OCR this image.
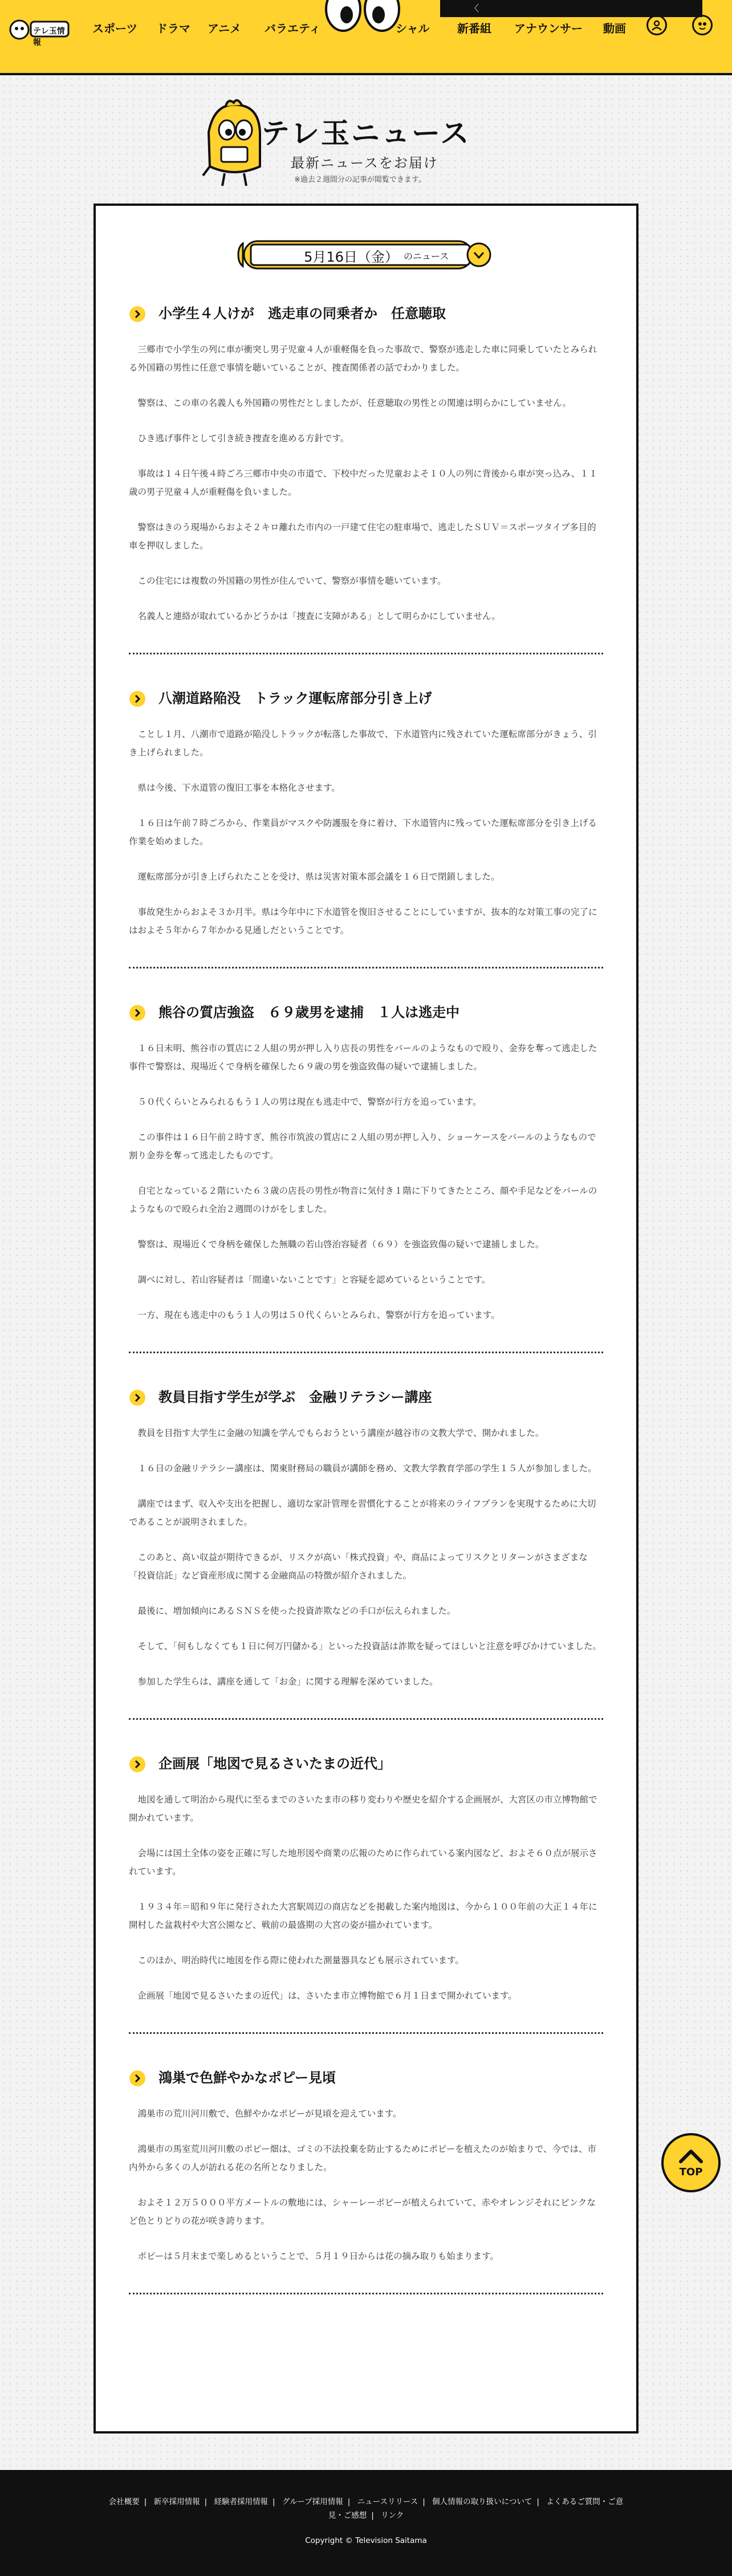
テレ玉情報
スポーツ ドラマ アニメ バラエティ	シャル 新番組 アナウンサー 動画
〈
テレ玉ニュース
最新ニュースをお届け
※過去２週間分の記事が閲覧できます。
5月16日（金） のニュース
小学生４人けが　逃走車の同乗者か　任意聴取

三郷市で小学生の列に車が衝突し男子児童４人が重軽傷を負った事故で、警察が逃走した車に同乗していたとみられる外国籍の男性に任意で事情を聴いていることが、捜査関係者の話でわかりました。

警察は、この車の名義人も外国籍の男性だとしましたが、任意聴取の男性との関連は明らかにしていません。

ひき逃げ事件として引き続き捜査を進める方針です。

事故は１４日午後４時ごろ三郷市中央の市道で、下校中だった児童およそ１０人の列に背後から車が突っ込み、１１歳の男子児童４人が重軽傷を負いました。

警察はきのう現場からおよそ２キロ離れた市内の一戸建て住宅の駐車場で、逃走したＳＵＶ＝スポーツタイプ多目的車を押収しました。

この住宅には複数の外国籍の男性が住んでいて、警察が事情を聴いています。

名義人と連絡が取れているかどうかは「捜査に支障がある」として明らかにしていません。

八潮道路陥没　トラック運転席部分引き上げ

ことし１月、八潮市で道路が陥没しトラックが転落した事故で、下水道管内に残されていた運転席部分がきょう、引き上げられました。

県は今後、下水道管の復旧工事を本格化させます。

１６日は午前７時ごろから、作業員がマスクや防護服を身に着け、下水道管内に残っていた運転席部分を引き上げる作業を始めました。

運転席部分が引き上げられたことを受け、県は災害対策本部会議を１６日で閉鎖しました。

事故発生からおよそ３か月半。県は今年中に下水道管を復旧させることにしていますが、抜本的な対策工事の完了にはおよそ５年から７年かかる見通しだということです。

熊谷の質店強盗　６９歳男を逮捕　１人は逃走中

１６日未明、熊谷市の質店に２人組の男が押し入り店長の男性をバールのようなもので殴り、金券を奪って逃走した事件で警察は、現場近くで身柄を確保した６９歳の男を強盗致傷の疑いで逮捕しました。

５０代くらいとみられるもう１人の男は現在も逃走中で、警察が行方を追っています。

この事件は１６日午前２時すぎ、熊谷市筑波の質店に２人組の男が押し入り、ショーケースをバールのようなもので割り金券を奪って逃走したものです。

自宅となっている２階にいた６３歳の店長の男性が物音に気付き１階に下りてきたところ、顔や手足などをバールのようなもので殴られ全治２週間のけがをしました。

警察は、現場近くで身柄を確保した無職の若山啓治容疑者（６９）を強盗致傷の疑いで逮捕しました。

調べに対し、若山容疑者は「間違いないことです」と容疑を認めているということです。

一方、現在も逃走中のもう１人の男は５０代くらいとみられ、警察が行方を追っています。

教員目指す学生が学ぶ　金融リテラシー講座

教員を目指す大学生に金融の知識を学んでもらおうという講座が越谷市の文教大学で、開かれました。

１６日の金融リテラシー講座は、関東財務局の職員が講師を務め、文教大学教育学部の学生１５人が参加しました。

講座ではまず、収入や支出を把握し、適切な家計管理を習慣化することが将来のライフプランを実現するために大切であることが説明されました。

このあと、高い収益が期待できるが、リスクが高い「株式投資」や、商品によってリスクとリターンがさまざまな「投資信託」など資産形成に関する金融商品の特徴が紹介されました。

最後に、増加傾向にあるＳＮＳを使った投資詐欺などの手口が伝えられました。

そして、「何もしなくても１日に何万円儲かる」といった投資話は詐欺を疑ってほしいと注意を呼びかけていました。

参加した学生らは、講座を通して「お金」に関する理解を深めていました。

企画展「地図で見るさいたまの近代」

地図を通して明治から現代に至るまでのさいたま市の移り変わりや歴史を紹介する企画展が、大宮区の市立博物館で開かれています。

会場には国土全体の姿を正確に写した地形図や商業の広報のために作られている案内図など、およそ６０点が展示されています。

１９３４年＝昭和９年に発行された大宮駅周辺の商店などを掲載した案内地図は、今から１００年前の大正１４年に開村した盆栽村や大宮公園など、戦前の最盛期の大宮の姿が描かれています。

このほか、明治時代に地図を作る際に使われた測量器具なども展示されています。

企画展「地図で見るさいたまの近代」は、さいたま市立博物館で６月１日まで開かれています。

鴻巣で色鮮やかなポピー見頃

鴻巣市の荒川河川敷で、色鮮やかなポピーが見頃を迎えています。

鴻巣市の馬室荒川河川敷のポピー畑は、ゴミの不法投棄を防止するためにポピーを植えたのが始まりで、今では、市内外から多くの人が訪れる花の名所となりました。

およそ１２万５０００平方メートルの敷地には、シャーレーポピーが植えられていて、赤やオレンジそれにピンクなど色とりどりの花が咲き誇ります。

ポピーは５月末まで楽しめるということで、５月１９日からは花の摘み取りも始まります。

TOP
会社概要 | 新卒採用情報 | 経験者採用情報 | グループ採用情報 | ニュースリリース | 個人情報の取り扱いについて | よくあるご質問・ご意見・ご感想 | リンク
Copyright © Television Saitama
